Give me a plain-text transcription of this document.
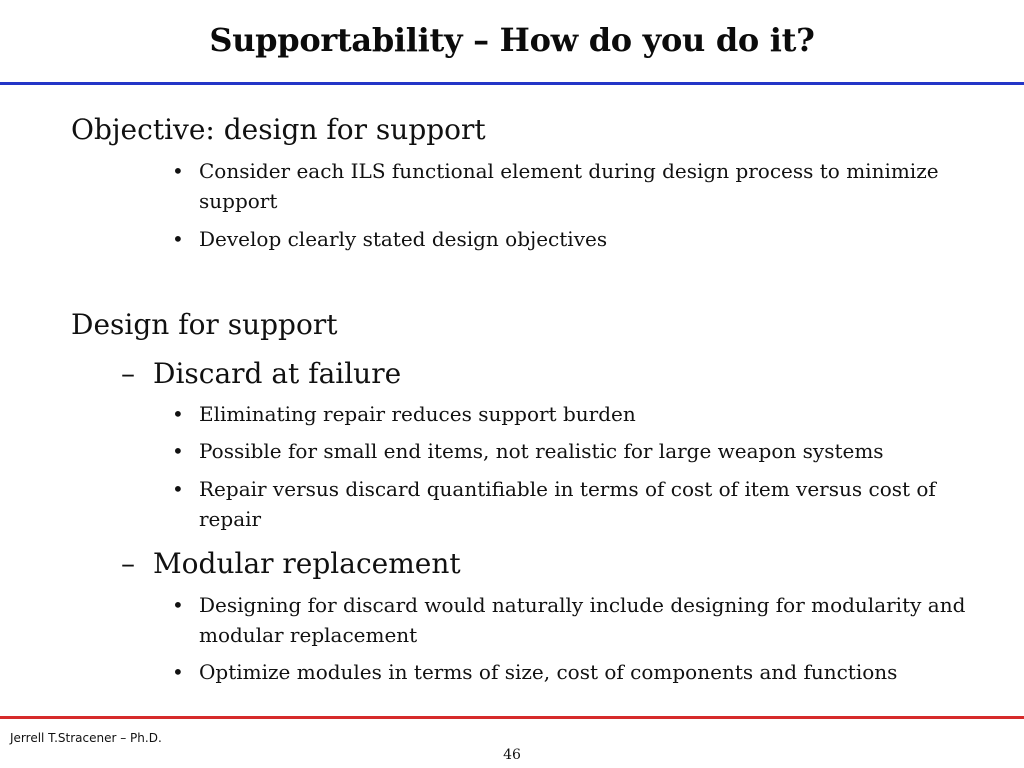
Supportability – How do you do it?
Objective: design for support
• Consider each ILS functional element during design process to minimize support
• Develop clearly stated design objectives
Design for support
– Discard at failure
• Eliminating repair reduces support burden
• Possible for small end items, not realistic for large weapon systems
• Repair versus discard quantifiable in terms of cost of item versus cost of repair
– Modular replacement
• Designing for discard would naturally include designing for modularity and modular replacement
• Optimize modules in terms of size, cost of components and functions
Jerrell T.Stracener – Ph.D.
46
